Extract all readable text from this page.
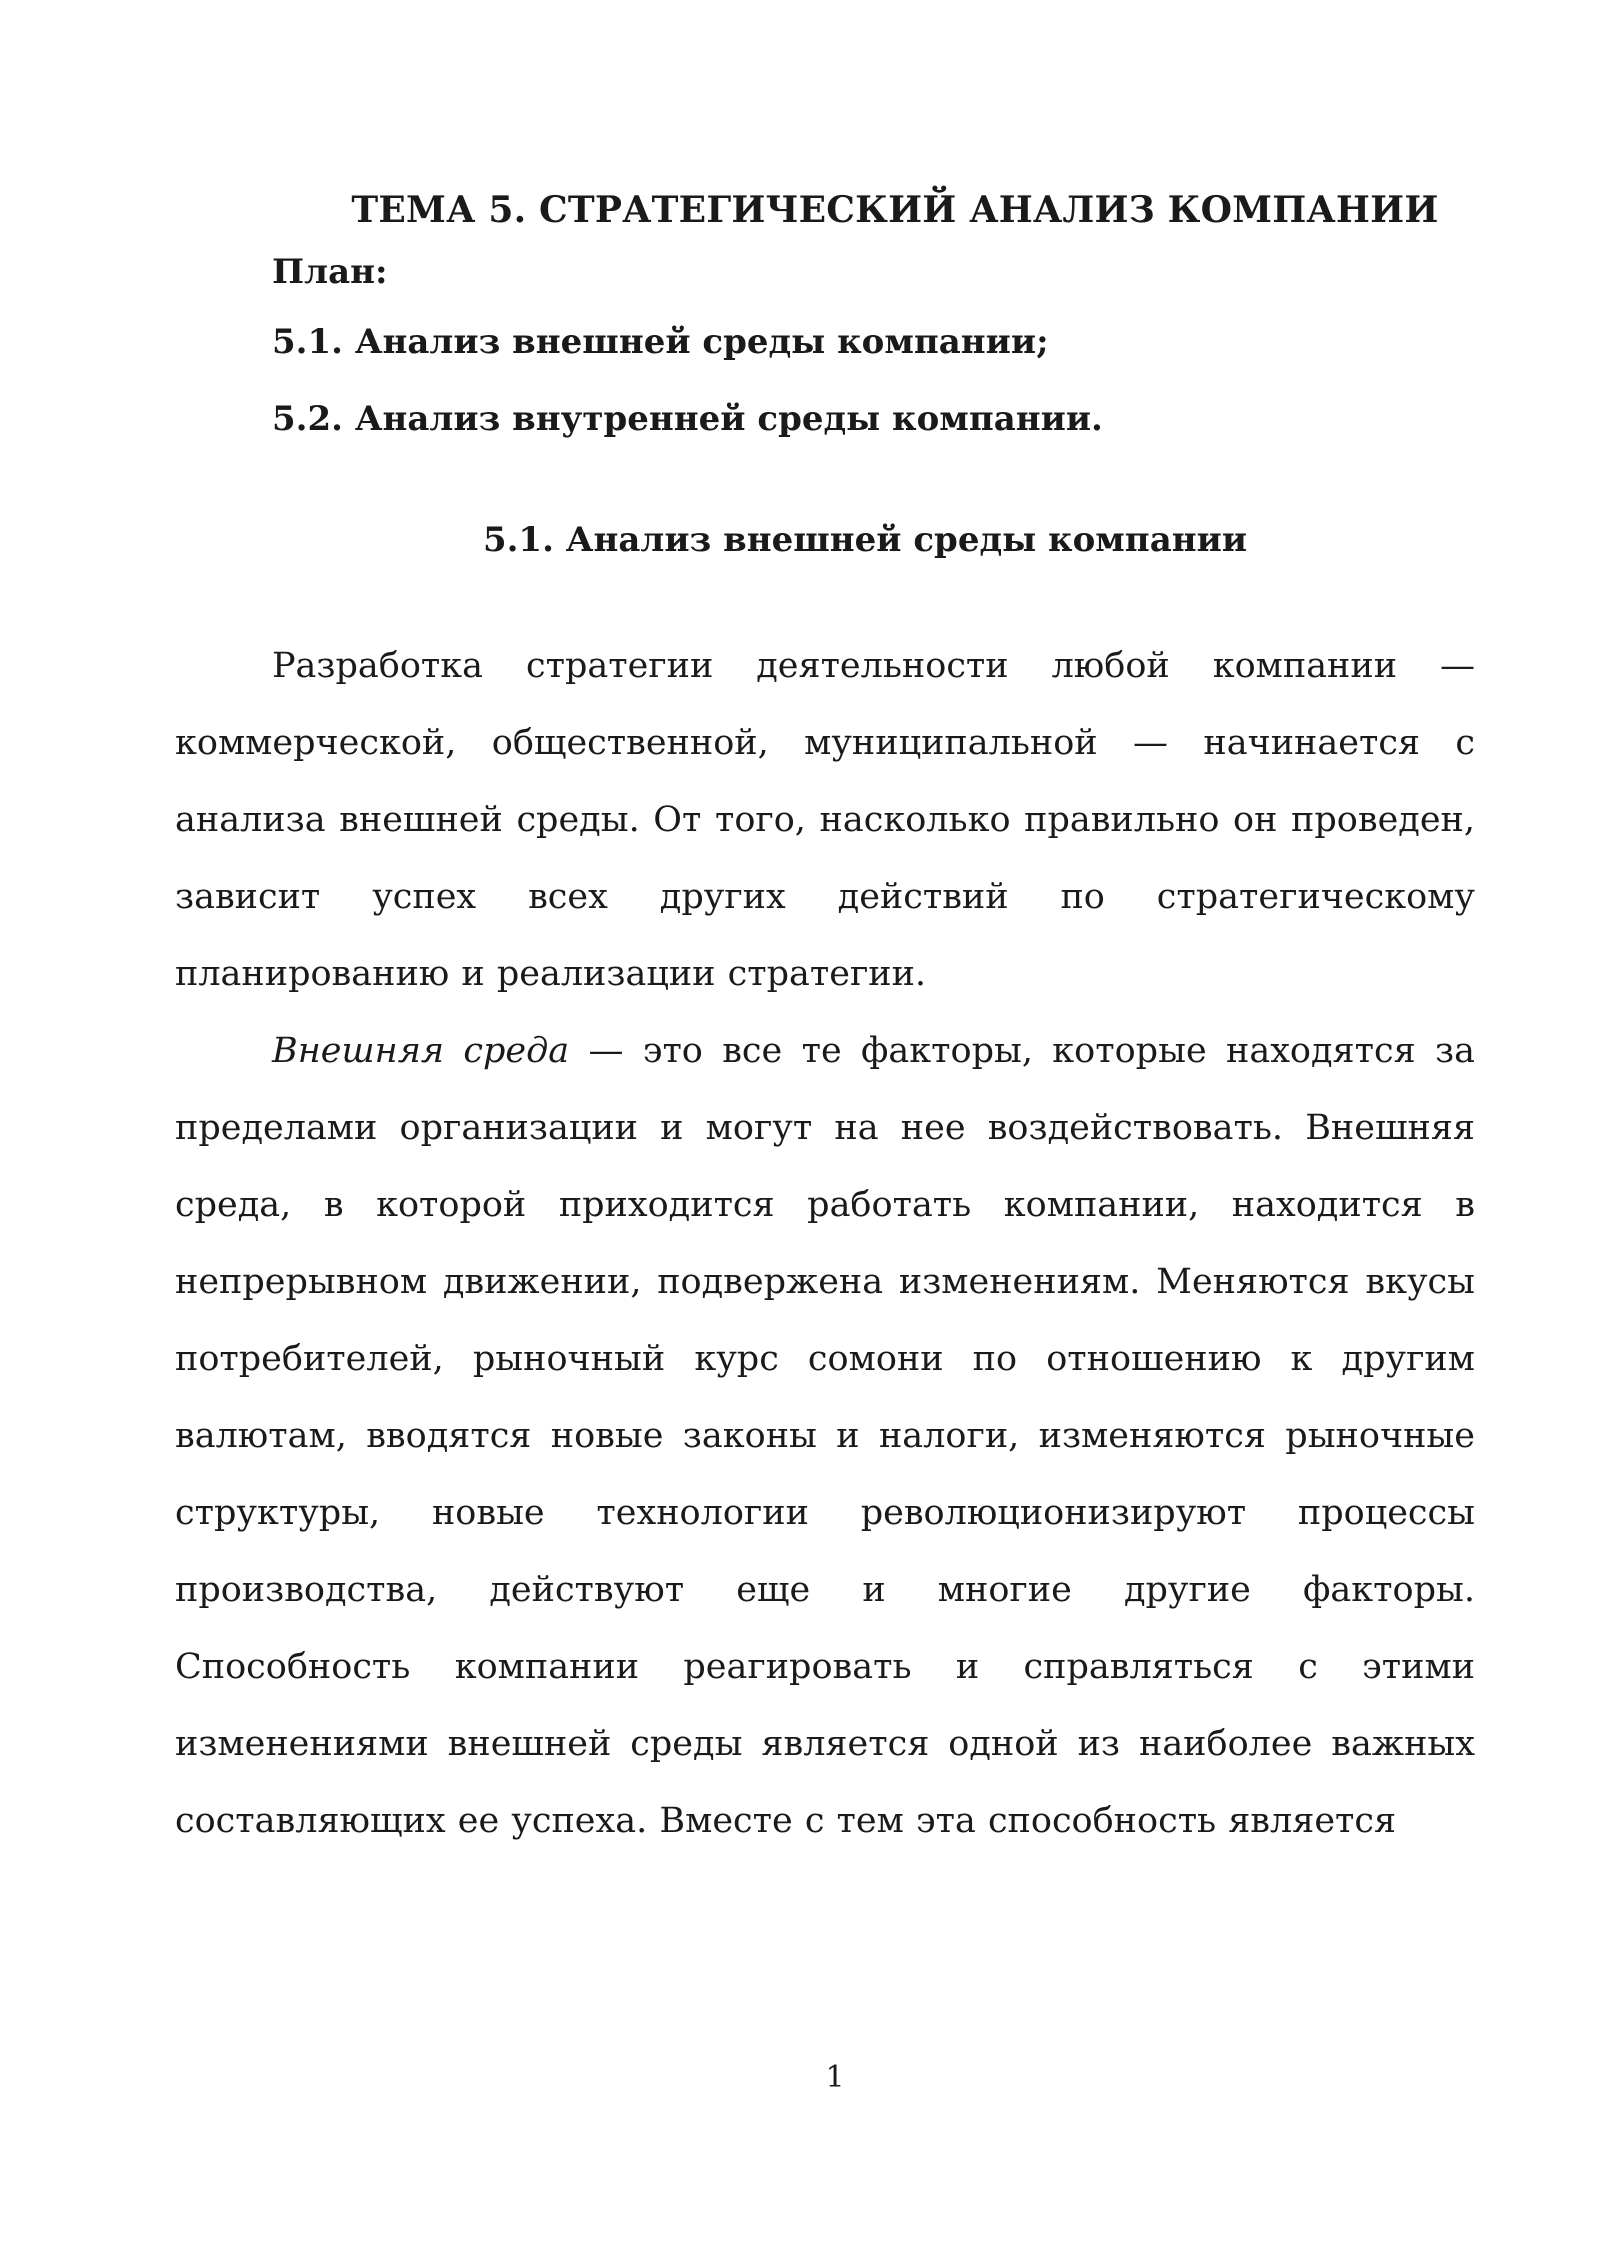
ТЕМА 5. СТРАТЕГИЧЕСКИЙ АНАЛИЗ КОМПАНИИ

План:

5.1. Анализ внешней среды компании;

5.2. Анализ внутренней среды компании.

5.1. Анализ внешней среды компании

Разработка стратегии деятельности любой компании — коммерческой, общественной, муниципальной — начинается с анализа внешней среды. От того, насколько правильно он проведен, зависит успех всех других действий по стратегическому планированию и реализации стратегии.

Внешняя среда — это все те факторы, которые находятся за пределами организации и могут на нее воздействовать. Внешняя среда, в которой приходится работать компании, находится в непрерывном движении, подвержена изменениям. Меняются вкусы потребителей, рыночный курс сомони по отношению к другим валютам, вводятся новые законы и налоги, изменяются рыночные структуры, новые технологии революционизируют процессы производства, действуют еще и многие другие факторы. Способность компании реагировать и справляться с этими изменениями внешней среды является одной из наиболее важных составляющих ее успеха. Вместе с тем эта способность является

1
